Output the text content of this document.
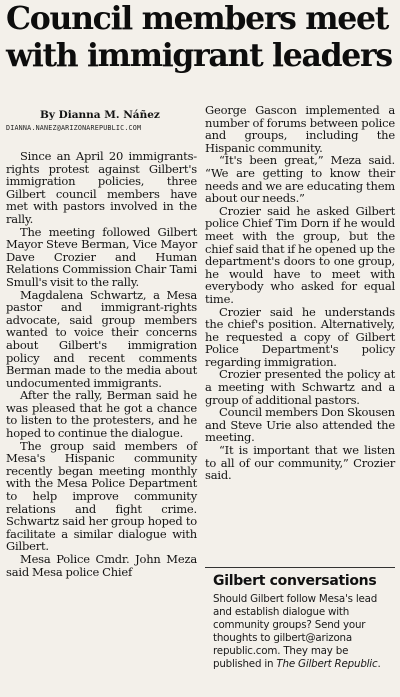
Council members meet with immigrant leaders
By Dianna M. Náñez
DIANNA.NANEZ@ARIZONAREPUBLIC.COM

Since an April 20 immigrants-rights protest against Gilbert's immigration policies, three Gilbert council members have met with pastors involved in the rally.

The meeting followed Gilbert Mayor Steve Berman, Vice Mayor Dave Crozier and Human Relations Commission Chair Tami Smull's visit to the rally.

Magdalena Schwartz, a Mesa pastor and immigrant-rights advocate, said group members wanted to voice their concerns about Gilbert's immigration policy and recent comments Berman made to the media about undocumented immigrants.

After the rally, Berman said he was pleased that he got a chance to listen to the protesters, and he hoped to continue the dialogue.

The group said members of Mesa's Hispanic community recently began meeting monthly with the Mesa Police Department to help improve community relations and fight crime. Schwartz said her group hoped to facilitate a similar dialogue with Gilbert.

Mesa Police Cmdr. John Meza said Mesa police Chief

George Gascon implemented a number of forums between police and groups, including the Hispanic community.

“It's been great,” Meza said. “We are getting to know their needs and we are educating them about our needs.”

Crozier said he asked Gilbert police Chief Tim Dorn if he would meet with the group, but the chief said that if he opened up the department's doors to one group, he would have to meet with everybody who asked for equal time.

Crozier said he understands the chief's position. Alternatively, he requested a copy of Gilbert Police Department's policy regarding immigration.

Crozier presented the policy at a meeting with Schwartz and a group of additional pastors.

Council members Don Skousen and Steve Urie also attended the meeting.

“It is important that we listen to all of our community,” Crozier said.

Gilbert conversations

Should Gilbert follow Mesa's lead and establish dialogue with community groups? Send your thoughts to gilbert@arizona republic.com. They may be published in The Gilbert Republic.
